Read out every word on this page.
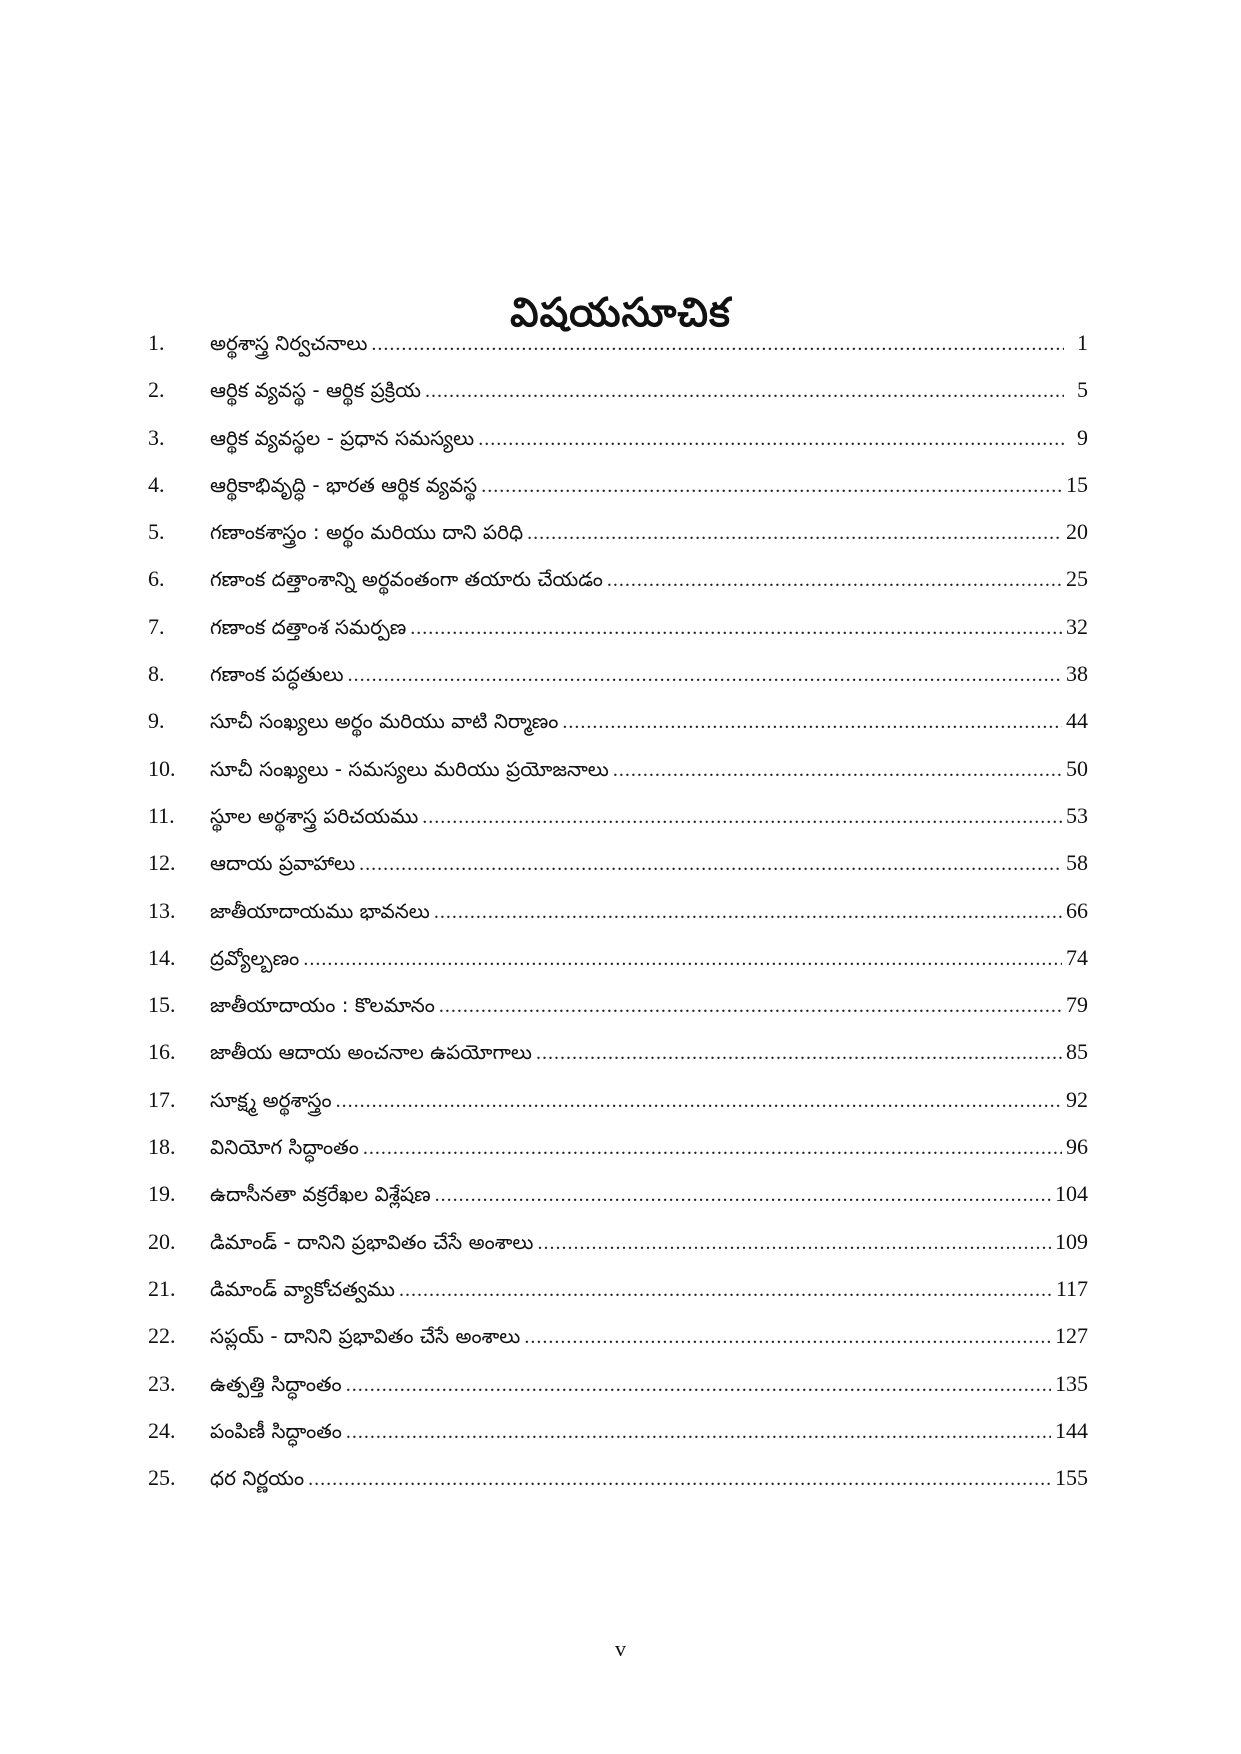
విషయసూచిక
1.	అర్థశాస్త్ర నిర్వచనాలు .....	1
2.	ఆర్థిక వ్యవస్థ - ఆర్థిక ప్రక్రియ .....	5
3.	ఆర్థిక వ్యవస్థల - ప్రధాన సమస్యలు .....	9
4.	ఆర్థికాభివృద్ధి - భారత ఆర్థిక వ్యవస్థ .....	15
5.	గణాంకశాస్త్రం : అర్థం మరియు దాని పరిధి .....	20
6.	గణాంక దత్తాంశాన్ని అర్థవంతంగా తయారు చేయడం .....	25
7.	గణాంక దత్తాంశ సమర్పణ .....	32
8.	గణాంక పద్ధతులు .....	38
9.	సూచీ సంఖ్యలు అర్థం మరియు వాటి నిర్మాణం .....	44
10.	సూచీ సంఖ్యలు - సమస్యలు మరియు ప్రయోజనాలు .....	50
11.	స్థూల అర్థశాస్త్ర పరిచయము .....	53
12.	ఆదాయ ప్రవాహాలు .....	58
13.	జాతీయాదాయము భావనలు .....	66
14.	ద్రవ్యోల్బణం .....	74
15.	జాతీయాదాయం : కొలమానం .....	79
16.	జాతీయ ఆదాయ అంచనాల ఉపయోగాలు .....	85
17.	సూక్ష్మ అర్థశాస్త్రం .....	92
18.	వినియోగ సిద్ధాంతం .....	96
19.	ఉదాసీనతా వక్రరేఖల విశ్లేషణ .....	104
20.	డిమాండ్ - దానిని ప్రభావితం చేసే అంశాలు .....	109
21.	డిమాండ్ వ్యాకోచత్వము .....	117
22.	సప్లయ్ - దానిని ప్రభావితం చేసే అంశాలు .....	127
23.	ఉత్పత్తి సిద్ధాంతం .....	135
24.	పంపిణీ సిద్ధాంతం .....	144
25.	ధర నిర్ణయం .....	155
v
